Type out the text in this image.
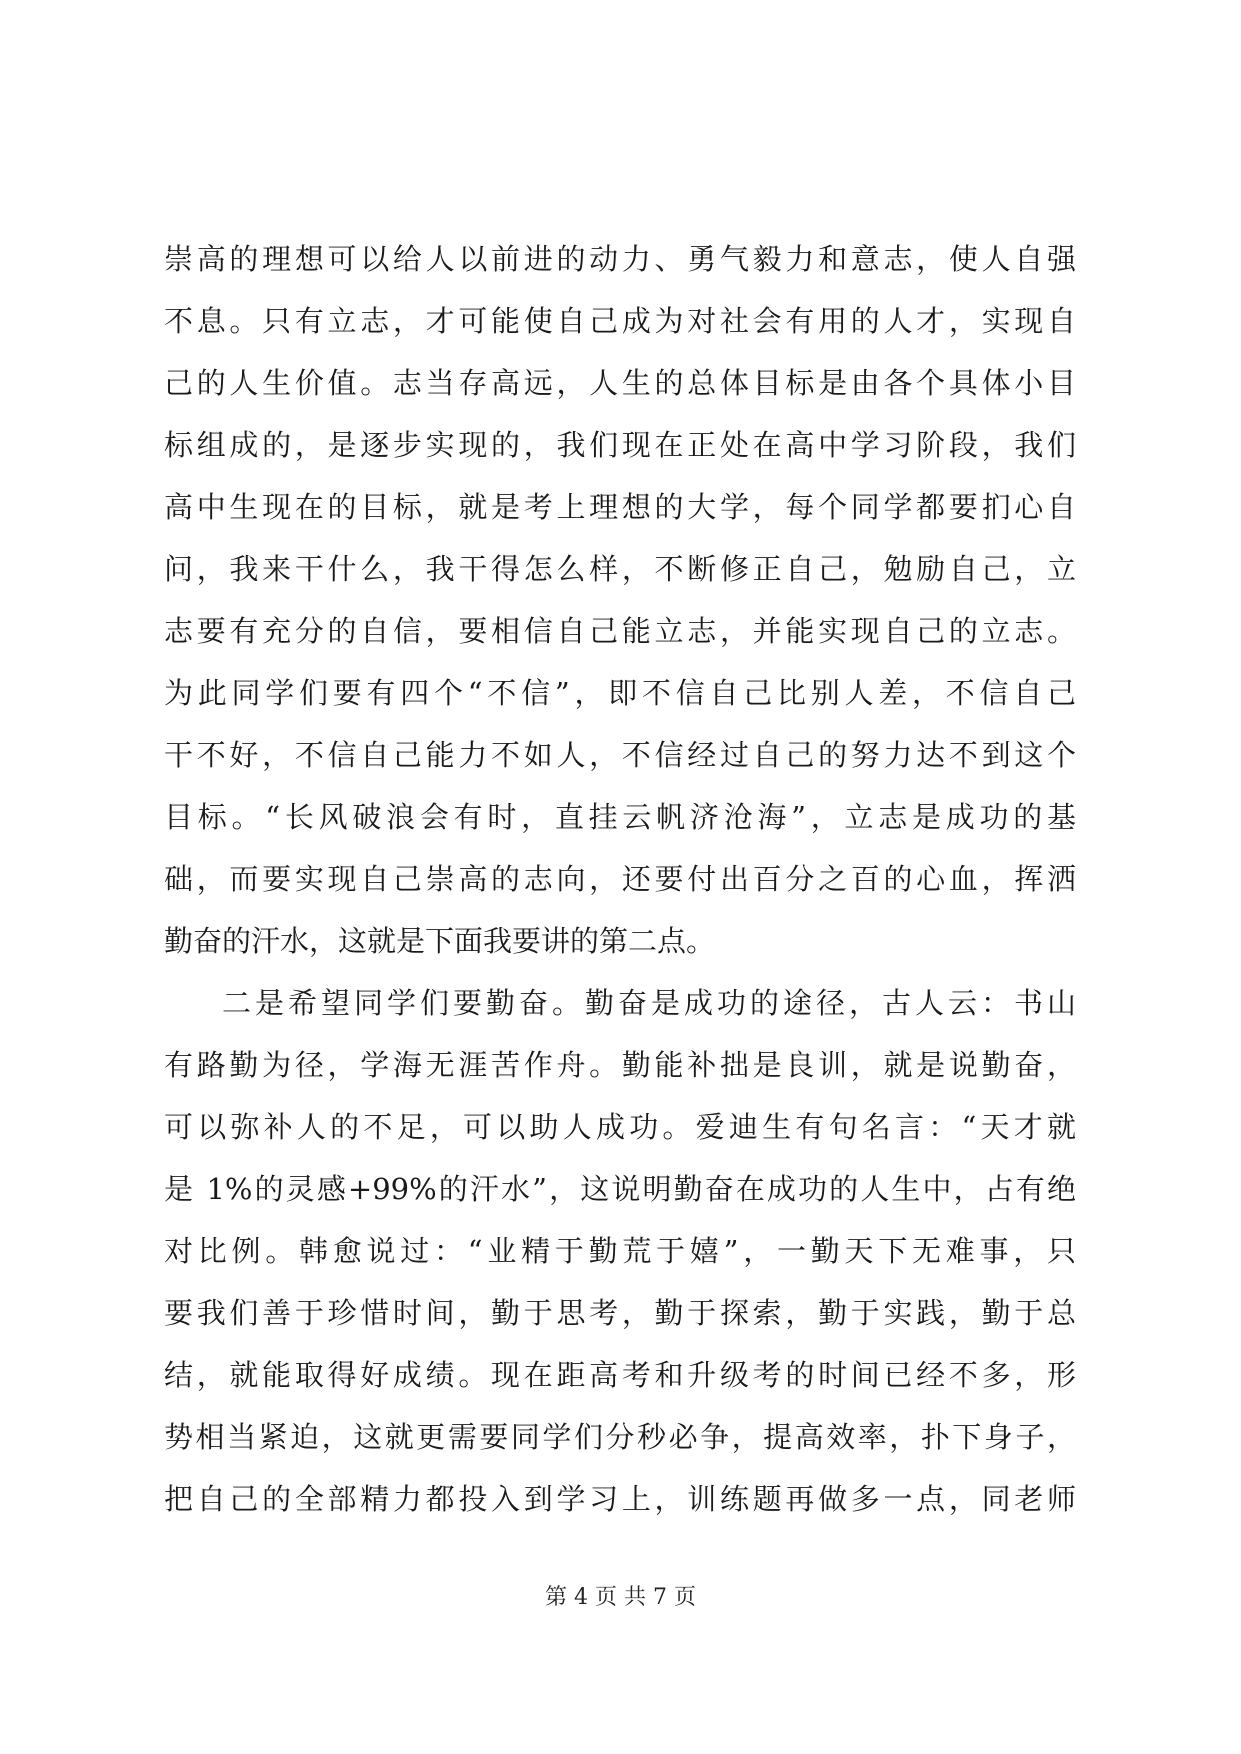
崇高的理想可以给人以前进的动力、勇气毅力和意志，使人自强
不息。只有立志，才可能使自己成为对社会有用的人才，实现自
己的人生价值。志当存高远，人生的总体目标是由各个具体小目
标组成的，是逐步实现的，我们现在正处在高中学习阶段，我们
高中生现在的目标，就是考上理想的大学，每个同学都要扪心自
问，我来干什么，我干得怎么样，不断修正自己，勉励自己，立
志要有充分的自信，要相信自己能立志，并能实现自己的立志。
为此同学们要有四个“不信”，即不信自己比别人差，不信自己
干不好，不信自己能力不如人，不信经过自己的努力达不到这个
目标。“长风破浪会有时，直挂云帆济沧海”，立志是成功的基
础，而要实现自己崇高的志向，还要付出百分之百的心血，挥洒
勤奋的汗水，这就是下面我要讲的第二点。
二是希望同学们要勤奋。勤奋是成功的途径，古人云：书山
有路勤为径，学海无涯苦作舟。勤能补拙是良训，就是说勤奋，
可以弥补人的不足，可以助人成功。爱迪生有句名言：“天才就
是 1%的灵感+99%的汗水”，这说明勤奋在成功的人生中，占有绝
对比例。韩愈说过：“业精于勤荒于嬉”，一勤天下无难事，只
要我们善于珍惜时间，勤于思考，勤于探索，勤于实践，勤于总
结，就能取得好成绩。现在距高考和升级考的时间已经不多，形
势相当紧迫，这就更需要同学们分秒必争，提高效率，扑下身子，
把自己的全部精力都投入到学习上，训练题再做多一点，同老师
第 4 页 共 7 页
